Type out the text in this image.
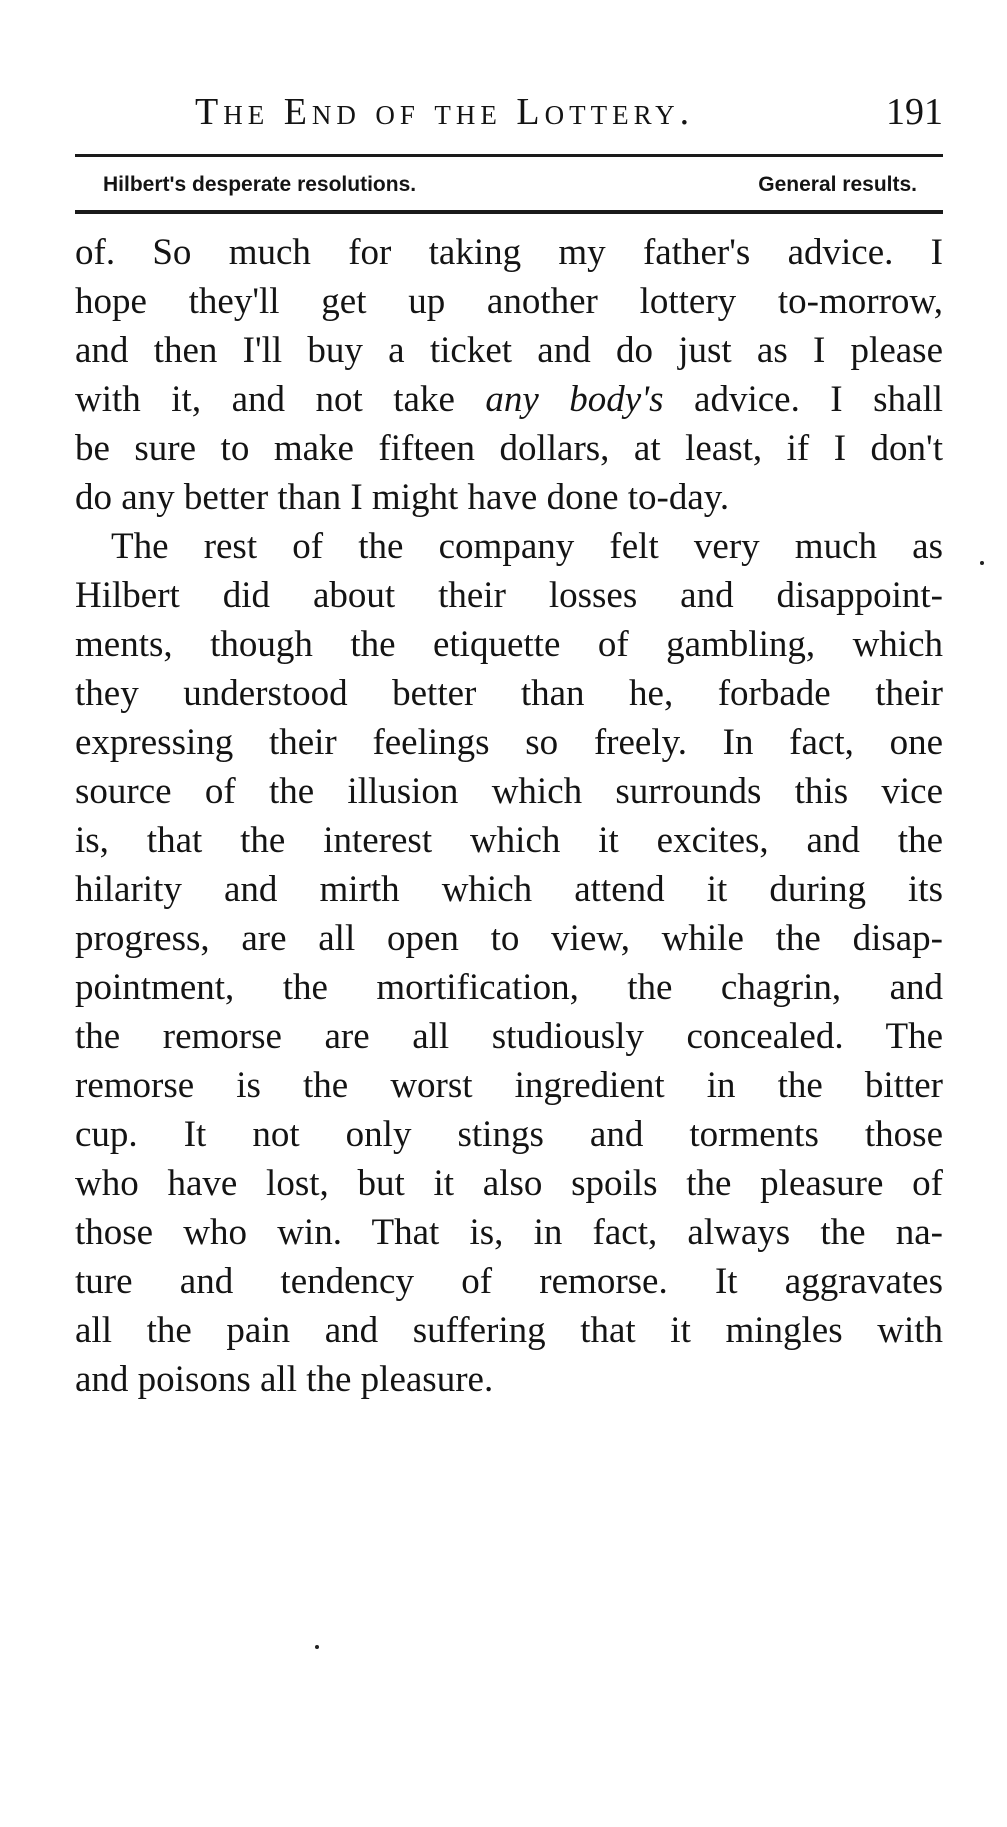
The End of the Lottery.	191
Hilbert's desperate resolutions.	General results.
of. So much for taking my father's advice. I
hope they'll get up another lottery to-morrow,
and then I'll buy a ticket and do just as I please
with it, and not take any body's advice. I shall
be sure to make fifteen dollars, at least, if I don't
do any better than I might have done to-day.
The rest of the company felt very much as
Hilbert did about their losses and disappoint-
ments, though the etiquette of gambling, which
they understood better than he, forbade their
expressing their feelings so freely. In fact, one
source of the illusion which surrounds this vice
is, that the interest which it excites, and the
hilarity and mirth which attend it during its
progress, are all open to view, while the disap-
pointment, the mortification, the chagrin, and
the remorse are all studiously concealed. The
remorse is the worst ingredient in the bitter
cup. It not only stings and torments those
who have lost, but it also spoils the pleasure of
those who win. That is, in fact, always the na-
ture and tendency of remorse. It aggravates
all the pain and suffering that it mingles with
and poisons all the pleasure.
